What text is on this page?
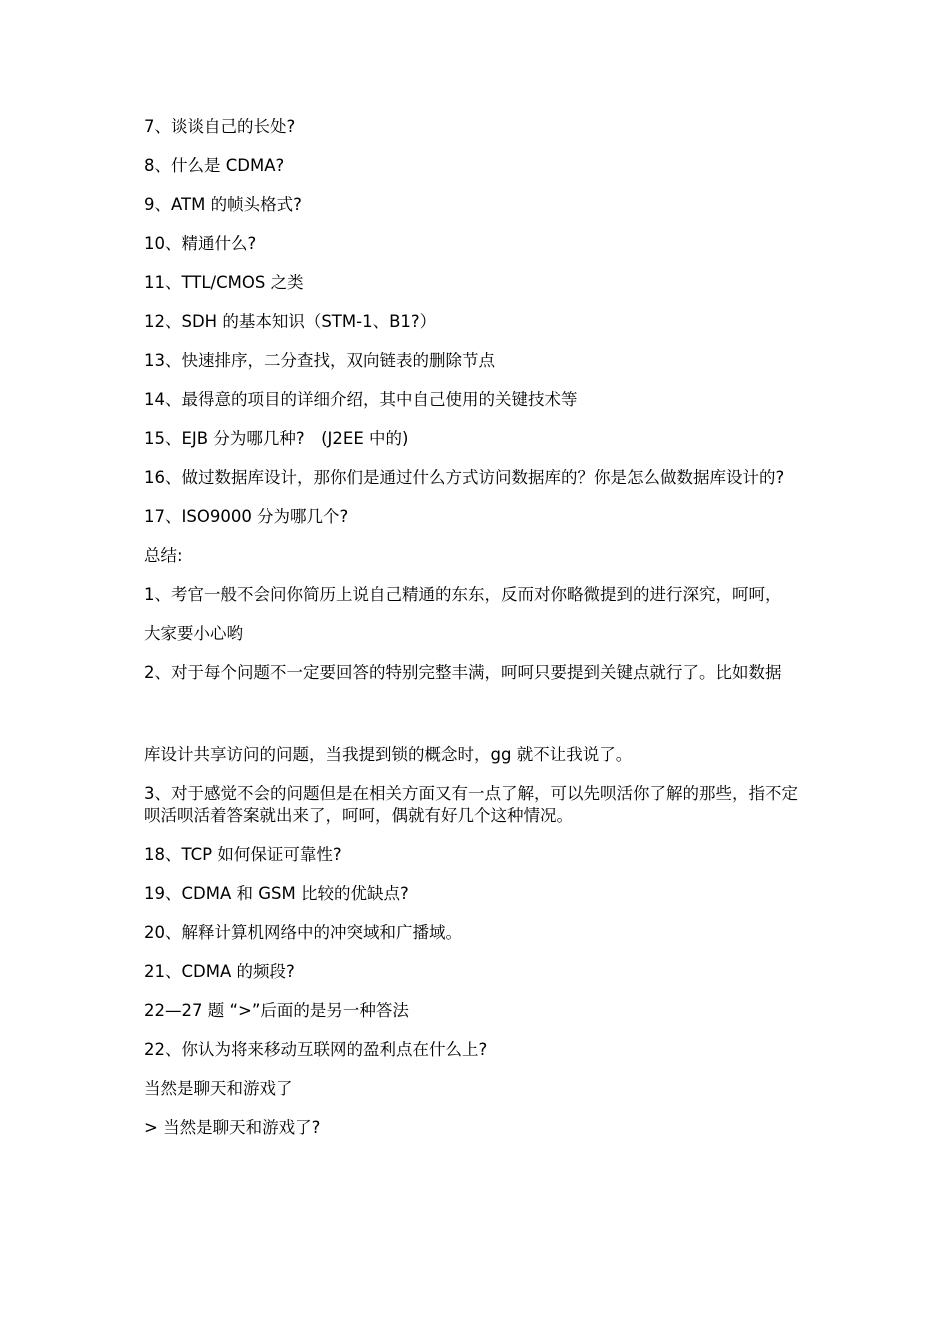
7、谈谈自己的长处?

8、什么是 CDMA?

9、ATM 的帧头格式?

10、精通什么?

11、TTL/CMOS 之类

12、SDH 的基本知识（STM-1、B1?）

13、快速排序，二分查找，双向链表的删除节点

14、最得意的项目的详细介绍，其中自己使用的关键技术等

15、EJB 分为哪几种?　(J2EE 中的)

16、做过数据库设计，那你们是通过什么方式访问数据库的？你是怎么做数据库设计的?

17、ISO9000 分为哪几个?

总结:

1、考官一般不会问你简历上说自己精通的东东，反而对你略微提到的进行深究，呵呵，

大家要小心哟

2、对于每个问题不一定要回答的特别完整丰满，呵呵只要提到关键点就行了。比如数据

库设计共享访问的问题，当我提到锁的概念时，gg 就不让我说了。

3、对于感觉不会的问题但是在相关方面又有一点了解，可以先呗活你了解的那些，指不定呗活呗活着答案就出来了，呵呵，偶就有好几个这种情况。

18、TCP 如何保证可靠性?

19、CDMA 和 GSM 比较的优缺点?

20、解释计算机网络中的冲突域和广播域。

21、CDMA 的频段?

22—27 题 “>”后面的是另一种答法

22、你认为将来移动互联网的盈利点在什么上?

当然是聊天和游戏了

> 当然是聊天和游戏了?
